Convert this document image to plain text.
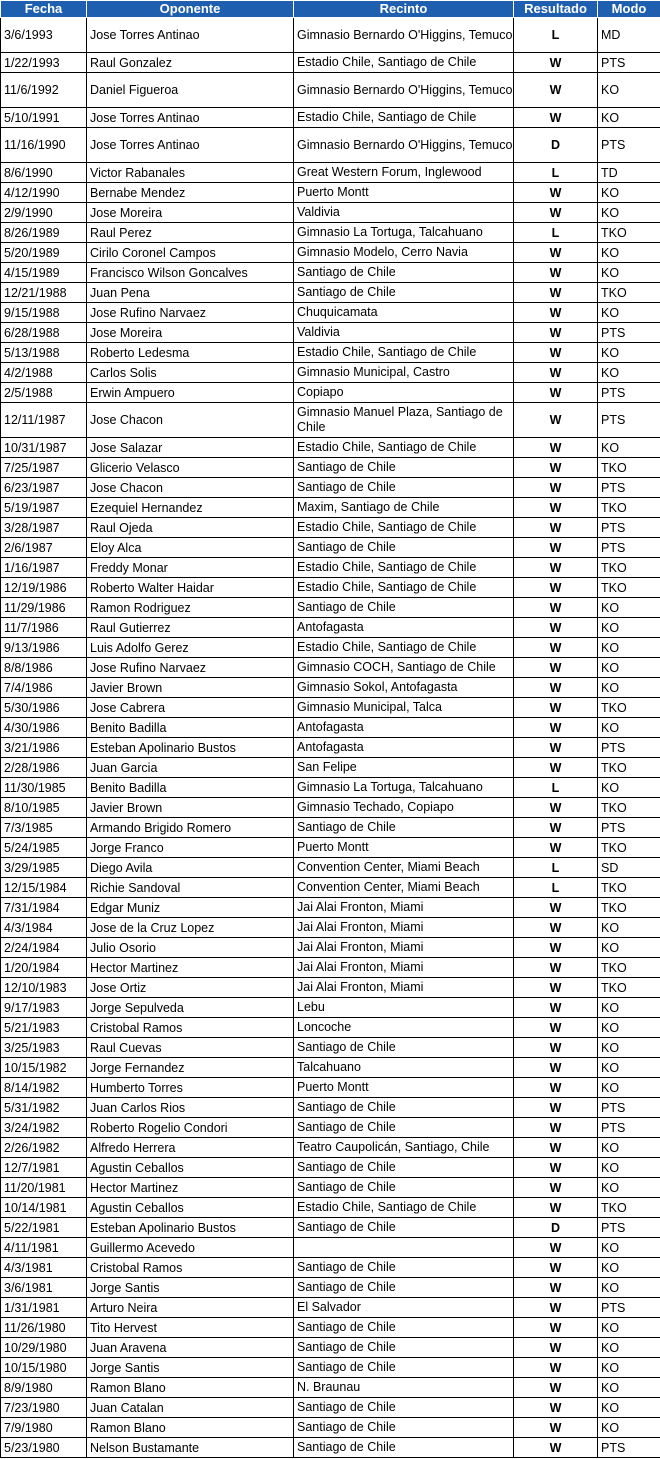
Fecha	Oponente	Recinto	Resultado	Modo
3/6/1993	Jose Torres Antinao	Gimnasio Bernardo O'Higgins, Temuco	L	MD
1/22/1993	Raul Gonzalez	Estadio Chile, Santiago de Chile	W	PTS
11/6/1992	Daniel Figueroa	Gimnasio Bernardo O'Higgins, Temuco	W	KO
5/10/1991	Jose Torres Antinao	Estadio Chile, Santiago de Chile	W	KO
11/16/1990	Jose Torres Antinao	Gimnasio Bernardo O'Higgins, Temuco	D	PTS
8/6/1990	Victor Rabanales	Great Western Forum, Inglewood	L	TD
4/12/1990	Bernabe Mendez	Puerto Montt	W	KO
2/9/1990	Jose Moreira	Valdivia	W	KO
8/26/1989	Raul Perez	Gimnasio La Tortuga, Talcahuano	L	TKO
5/20/1989	Cirilo Coronel Campos	Gimnasio Modelo, Cerro Navia	W	KO
4/15/1989	Francisco Wilson Goncalves	Santiago de Chile	W	KO
12/21/1988	Juan Pena	Santiago de Chile	W	TKO
9/15/1988	Jose Rufino Narvaez	Chuquicamata	W	KO
6/28/1988	Jose Moreira	Valdivia	W	PTS
5/13/1988	Roberto Ledesma	Estadio Chile, Santiago de Chile	W	KO
4/2/1988	Carlos Solis	Gimnasio Municipal, Castro	W	KO
2/5/1988	Erwin Ampuero	Copiapo	W	PTS
12/11/1987	Jose Chacon	Gimnasio Manuel Plaza, Santiago de Chile	W	PTS
10/31/1987	Jose Salazar	Estadio Chile, Santiago de Chile	W	KO
7/25/1987	Glicerio Velasco	Santiago de Chile	W	TKO
6/23/1987	Jose Chacon	Santiago de Chile	W	PTS
5/19/1987	Ezequiel Hernandez	Maxim, Santiago de Chile	W	TKO
3/28/1987	Raul Ojeda	Estadio Chile, Santiago de Chile	W	PTS
2/6/1987	Eloy Alca	Santiago de Chile	W	PTS
1/16/1987	Freddy Monar	Estadio Chile, Santiago de Chile	W	TKO
12/19/1986	Roberto Walter Haidar	Estadio Chile, Santiago de Chile	W	TKO
11/29/1986	Ramon Rodriguez	Santiago de Chile	W	KO
11/7/1986	Raul Gutierrez	Antofagasta	W	KO
9/13/1986	Luis Adolfo Gerez	Estadio Chile, Santiago de Chile	W	KO
8/8/1986	Jose Rufino Narvaez	Gimnasio COCH, Santiago de Chile	W	KO
7/4/1986	Javier Brown	Gimnasio Sokol, Antofagasta	W	KO
5/30/1986	Jose Cabrera	Gimnasio Municipal, Talca	W	TKO
4/30/1986	Benito Badilla	Antofagasta	W	KO
3/21/1986	Esteban Apolinario Bustos	Antofagasta	W	PTS
2/28/1986	Juan Garcia	San Felipe	W	TKO
11/30/1985	Benito Badilla	Gimnasio La Tortuga, Talcahuano	L	KO
8/10/1985	Javier Brown	Gimnasio Techado, Copiapo	W	TKO
7/3/1985	Armando Brigido Romero	Santiago de Chile	W	PTS
5/24/1985	Jorge Franco	Puerto Montt	W	TKO
3/29/1985	Diego Avila	Convention Center, Miami Beach	L	SD
12/15/1984	Richie Sandoval	Convention Center, Miami Beach	L	TKO
7/31/1984	Edgar Muniz	Jai Alai Fronton, Miami	W	TKO
4/3/1984	Jose de la Cruz Lopez	Jai Alai Fronton, Miami	W	KO
2/24/1984	Julio Osorio	Jai Alai Fronton, Miami	W	KO
1/20/1984	Hector Martinez	Jai Alai Fronton, Miami	W	TKO
12/10/1983	Jose Ortiz	Jai Alai Fronton, Miami	W	TKO
9/17/1983	Jorge Sepulveda	Lebu	W	KO
5/21/1983	Cristobal Ramos	Loncoche	W	KO
3/25/1983	Raul Cuevas	Santiago de Chile	W	KO
10/15/1982	Jorge Fernandez	Talcahuano	W	KO
8/14/1982	Humberto Torres	Puerto Montt	W	KO
5/31/1982	Juan Carlos Rios	Santiago de Chile	W	PTS
3/24/1982	Roberto Rogelio Condori	Santiago de Chile	W	PTS
2/26/1982	Alfredo Herrera	Teatro Caupolicán, Santiago, Chile	W	KO
12/7/1981	Agustin Ceballos	Santiago de Chile	W	KO
11/20/1981	Hector Martinez	Santiago de Chile	W	KO
10/14/1981	Agustin Ceballos	Estadio Chile, Santiago de Chile	W	TKO
5/22/1981	Esteban Apolinario Bustos	Santiago de Chile	D	PTS
4/11/1981	Guillermo Acevedo		W	KO
4/3/1981	Cristobal Ramos	Santiago de Chile	W	KO
3/6/1981	Jorge Santis	Santiago de Chile	W	KO
1/31/1981	Arturo Neira	El Salvador	W	PTS
11/26/1980	Tito Hervest	Santiago de Chile	W	KO
10/29/1980	Juan Aravena	Santiago de Chile	W	KO
10/15/1980	Jorge Santis	Santiago de Chile	W	KO
8/9/1980	Ramon Blano	N. Braunau	W	KO
7/23/1980	Juan Catalan	Santiago de Chile	W	KO
7/9/1980	Ramon Blano	Santiago de Chile	W	KO
5/23/1980	Nelson Bustamante	Santiago de Chile	W	PTS
